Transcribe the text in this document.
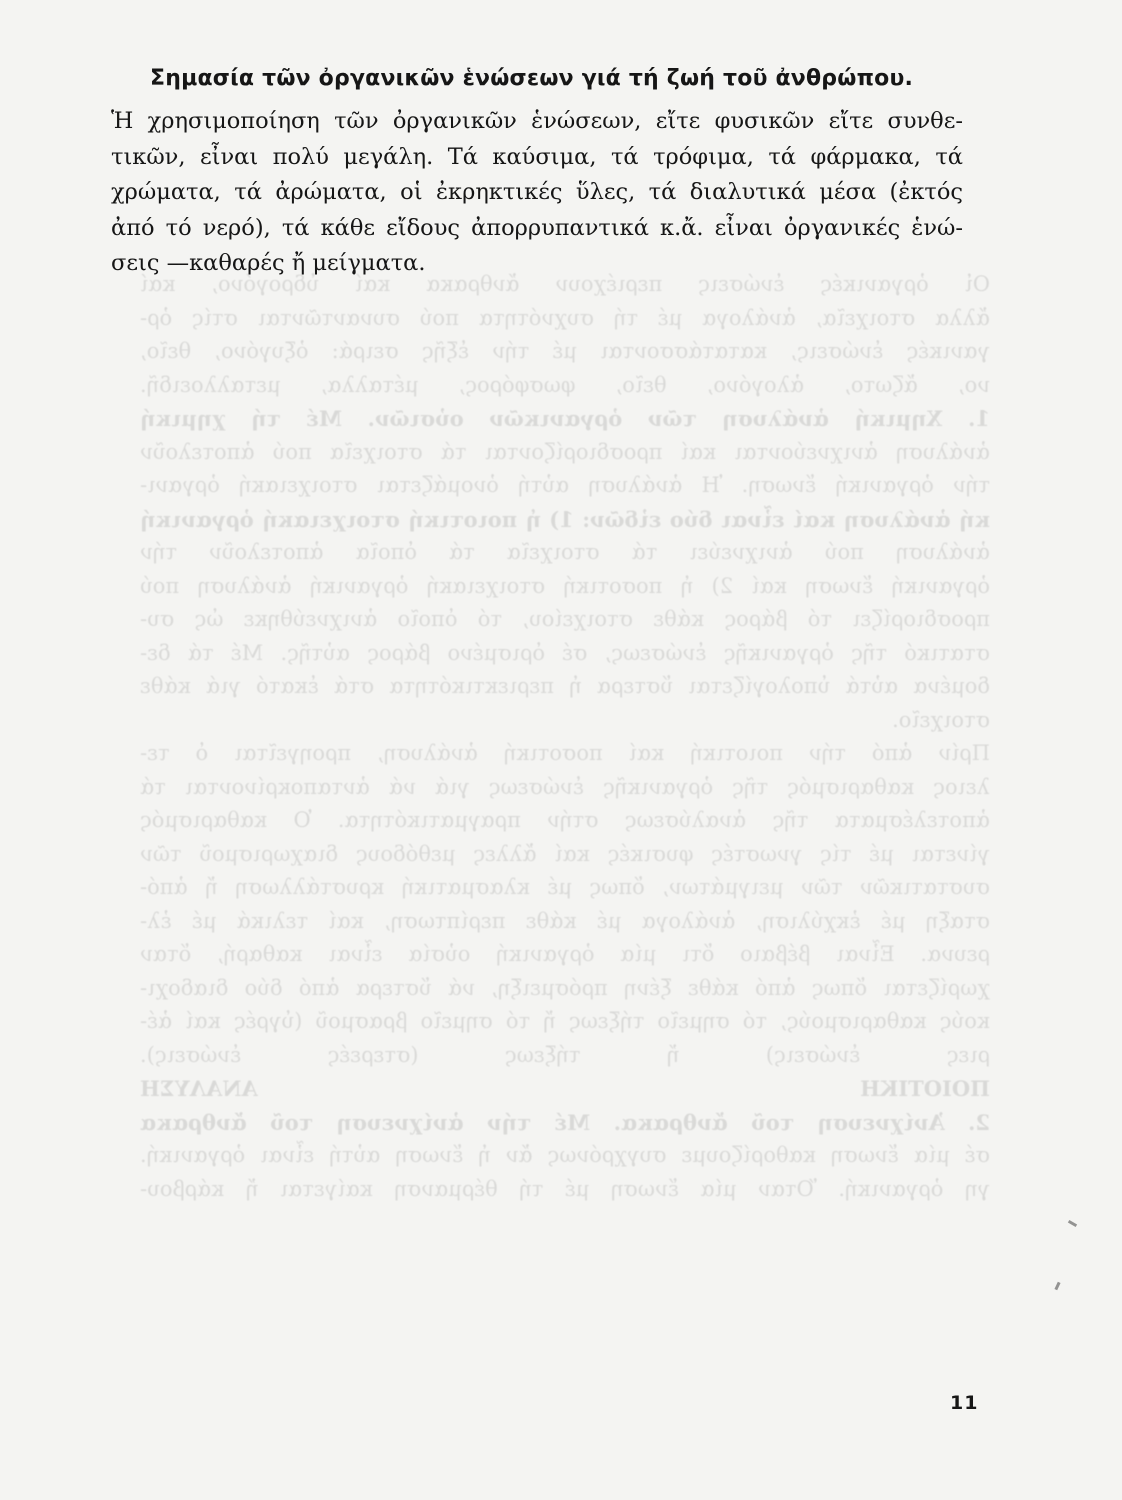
Οἱ ὀργανικές ἑνώσεις περιέχουν ἄνθρακα καί ὑδρογόνο, καί
ἄλλα στοιχεῖα, ἀνάλογα μέ τή συχνότητα πού συναντῶνται στίς ὀρ-
γανικές ἑνώσεις, κατατάσσονται μέ τήν ἑξῆς σειρά: ὀξυγόνο, θεῖο,
νο, ἄζωτο, ἀλογόνο, θεῖο, φωσφόρος, μέταλλα, μεταλλοειδῆ.
1. Χημική ἀνάλυση τῶν ὀργανικῶν οὐσιῶν. Μέ τή χημική
ἀνάλυση ἀνιχνεύονται καί προσδιορίζονται τά στοιχεῖα πού ἀποτελοῦν
τήν ὀργανική ἕνωση. Ἡ ἀνάλυση αὐτή ὀνομάζεται στοιχειακή ὀργανι-
κή ἀνάλυση καί εἶναι δύο εἰδῶν: 1) ἡ ποιοτική στοιχειακή ὀργανική
ἀνάλυση πού ἀνιχνεύει τά στοιχεῖα τά ὁποῖα ἀποτελοῦν τήν
ὀργανική ἕνωση καί 2) ἡ ποσοτική στοιχειακή ὀργανική ἀνάλυση πού
προσδιορίζει τό βάρος κάθε στοιχείου, τό ὁποῖο ἀνιχνεύθηκε ὡς συ-
στατικό τῆς ὀργανικῆς ἑνώσεως, σέ ὁρισμένο βάρος αὐτῆς. Μέ τά δε-
δομένα αὐτά ὑπολογίζεται ὕστερα ἡ περιεκτικότητα στά ἑκατό γιά κάθε
στοιχεῖο.
Πρίν ἀπό τήν ποιοτική καί ποσοτική ἀνάλυση, προηγεῖται ὁ τε-
λειος καθαρισμός τῆς ὀργανικῆς ἑνώσεως γιά νά ἀνταποκρίνονται τά
ἀποτελέσματα τῆς ἀναλύσεως στήν πραγματικότητα. Ὁ καθαρισμός
γίνεται μέ τίς γνωστές φυσικές καί ἄλλες μεθόδους διαχωρισμοῦ τῶν
συστατικῶν τῶν μειγμάτων, ὅπως μέ κλασματική κρυστάλλωση ἤ ἀπό-
σταξη μέ ἐκχύλιση, ἀνάλογα μέ κάθε περίπτωση, καί τελικά μέ ἐλ-
ρευνα. Εἶναι βέβαιο ὅτι μία ὀργανική οὐσία εἶναι καθαρή, ὅταν
χωρίζεται ὅπως ἀπό κάθε ξένη πρόσμειξη, νά ὕστερα ἀπό δύο διαδοχι-
κούς καθαρισμούς, τό σημεῖο τήξεως ἤ τό σημεῖο βρασμοῦ (ὑγρές καί ἀέ-
ριες ἑνώσεις) ἤ τήξεως (στερεές ἑνώσεις).
ΠΟΙΟΤΙΚΗ ΑΝΑΛΥΣΗ
2. Ἀνίχνευση τοῦ ἄνθρακα. Μέ τήν ἀνίχνευση τοῦ ἄνθρακα
σέ μία ἕνωση καθορίζουμε συγχρόνως ἄν ἡ ἕνωση αὐτή εἶναι ὀργανική.
γη ὀργανική. Ὅταν μία ἕνωση μέ τή θέρμανση καίγεται ἤ κάρβου-
Σημασία τῶν ὀργανικῶν ἑνώσεων γιά τή ζωή τοῦ ἀνθρώπου.

Ἡ χρησιμοποίηση τῶν ὀργανικῶν ἑνώσεων, εἴτε φυσικῶν εἴτε συνθε-
τικῶν, εἶναι πολύ μεγάλη. Τά καύσιμα, τά τρόφιμα, τά φάρμακα, τά
χρώματα, τά ἀρώματα, οἱ ἐκρηκτικές ὕλες, τά διαλυτικά μέσα (ἐκτός
ἀπό τό νερό), τά κάθε εἴδους ἀπορρυπαντικά κ.ἄ. εἶναι ὀργανικές ἑνώ-
σεις —καθαρές ἤ μείγματα.

11
